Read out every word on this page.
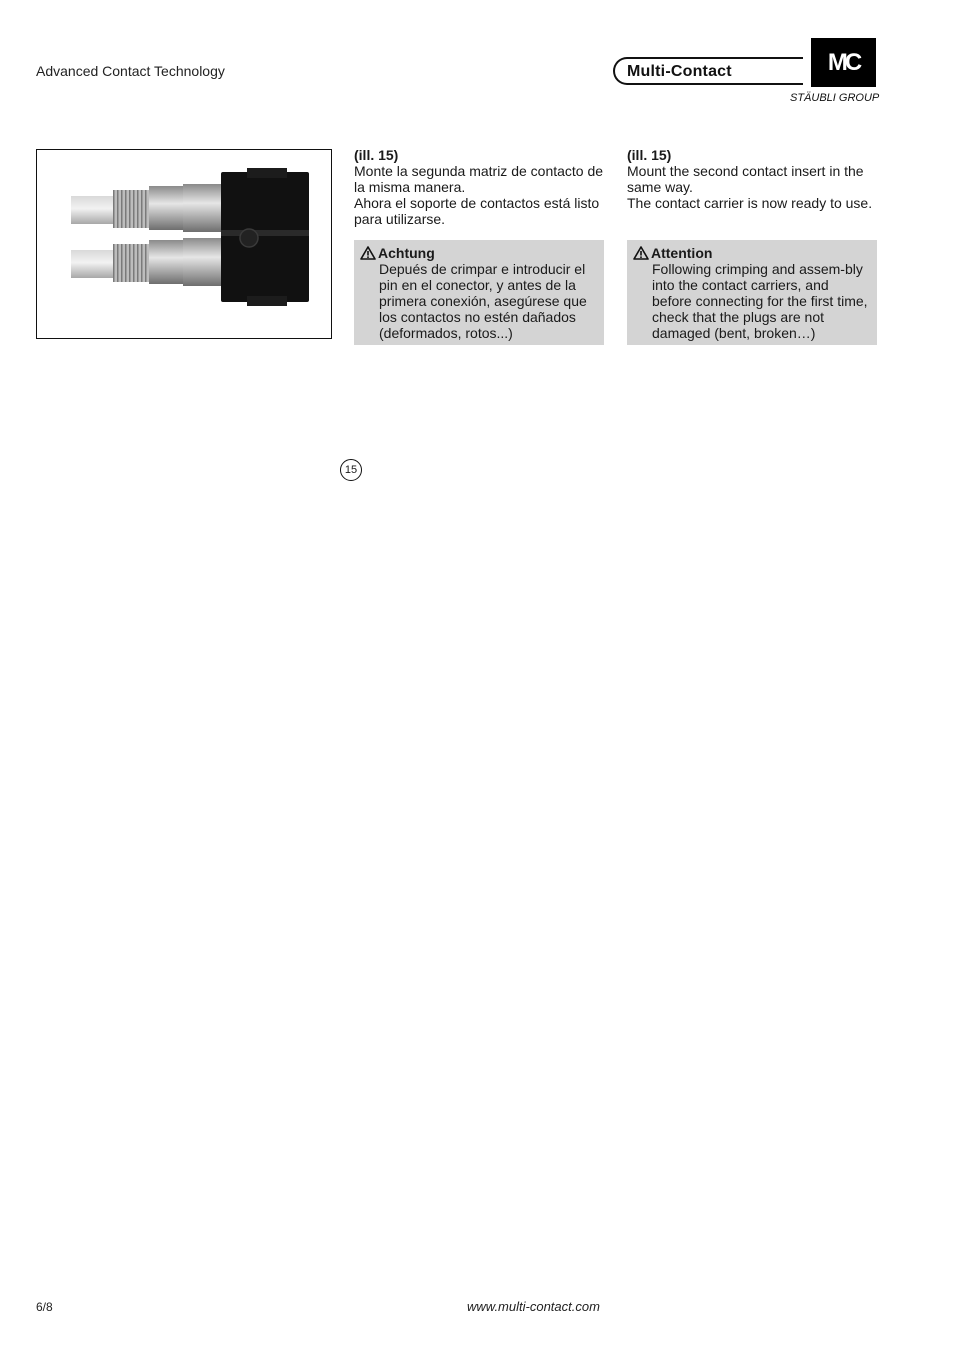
Advanced Contact Technology	Multi-Contact	MC
STÄUBLI GROUP
15
(ill. 15)
Monte la segunda matriz de contacto de la misma manera.
Ahora el soporte de contactos está listo para utilizarse.
(ill. 15)
Mount the second contact insert in the same way.
The contact carrier is now ready to use.
Achtung
Depués de crimpar e introducir el pin en el conector, y antes de la primera conexión, asegúrese que los contactos no estén dañados (deformados, rotos...)
Attention
Following crimping and assem-bly into the contact carriers, and before connecting for the first time, check that the plugs are not damaged (bent, broken…)
6/8	www.multi-contact.com
